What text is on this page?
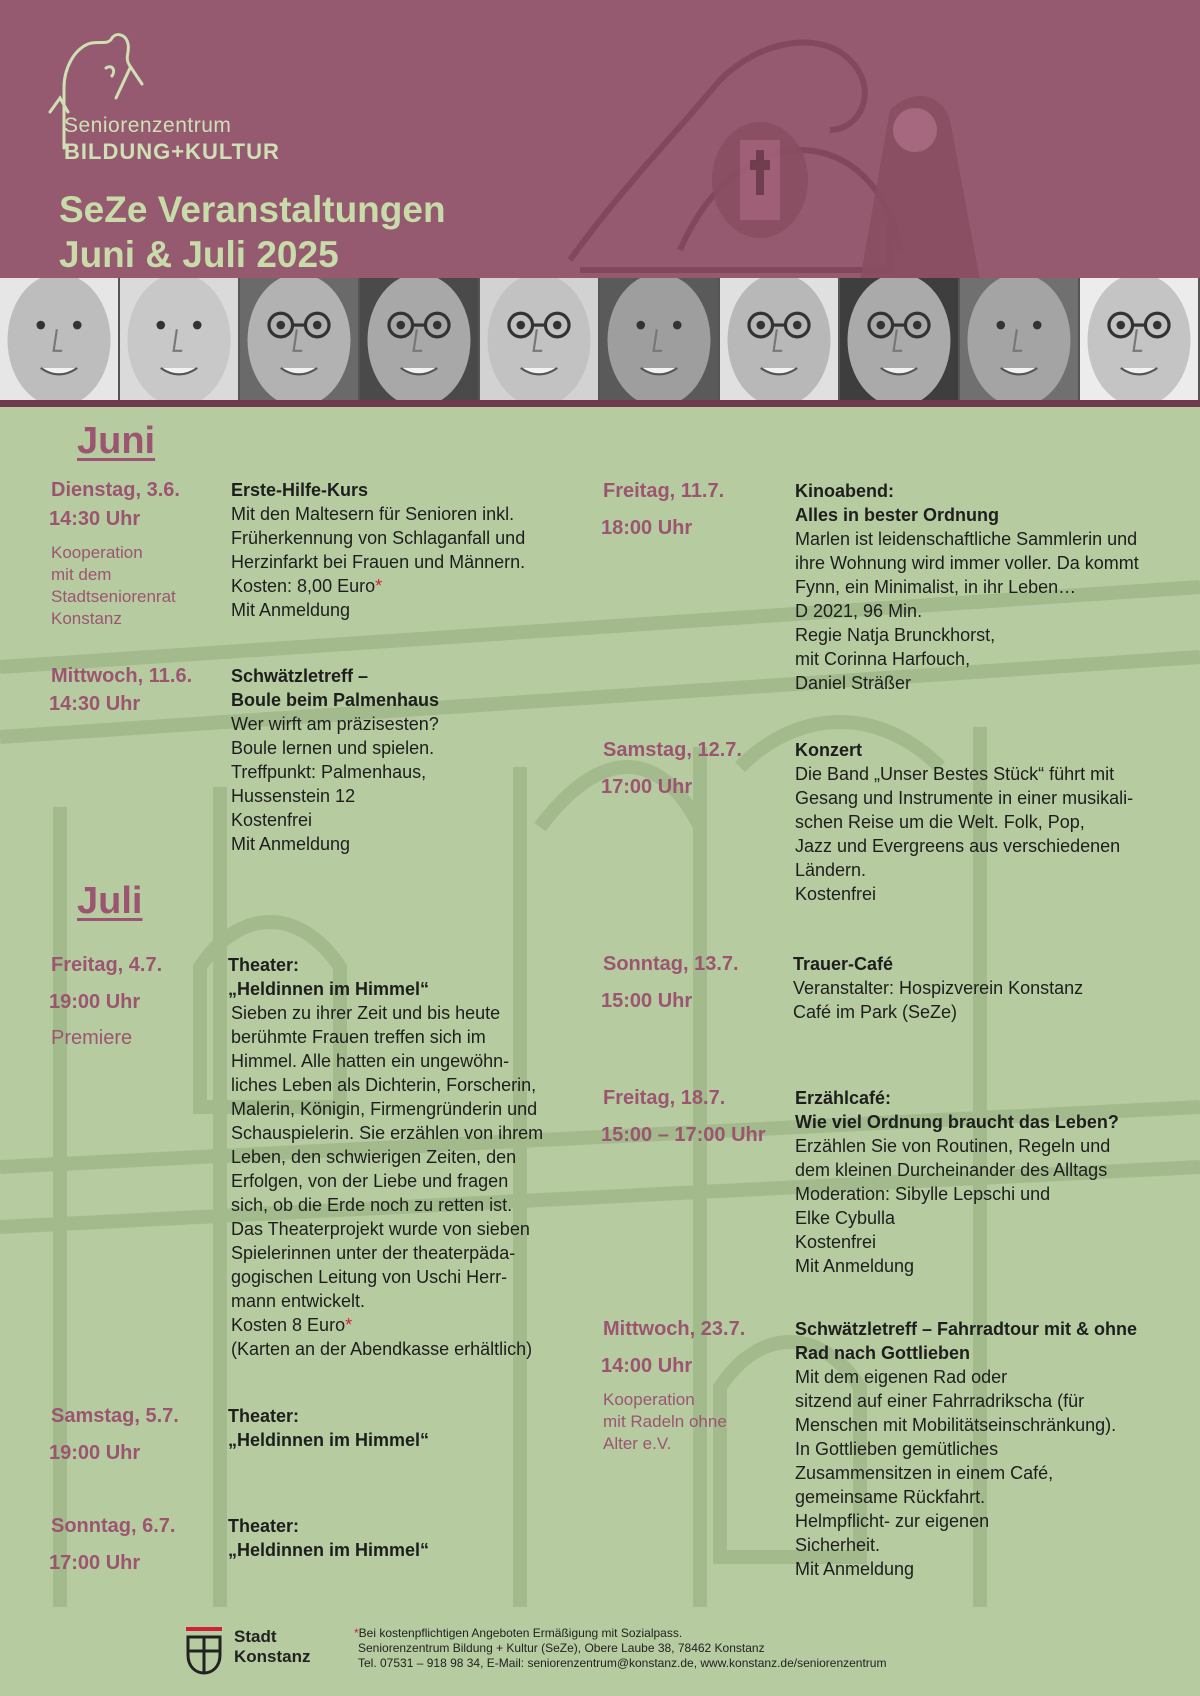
Seniorenzentrum
BILDUNG+KULTUR
SeZe Veranstaltungen
Juni & Juli 2025
Juni
Juli
Dienstag, 3.6.
14:30 Uhr
Kooperation
mit dem
Stadtseniorenrat
Konstanz
Erste-Hilfe-Kurs
Mit den Maltesern für Senioren inkl.
Früherkennung von Schlaganfall und
Herzinfarkt bei Frauen und Männern.
Kosten: 8,00 Euro*
Mit Anmeldung
Mittwoch, 11.6.
14:30 Uhr
Schwätzletreff –
Boule beim Palmenhaus
Wer wirft am präzisesten?
Boule lernen und spielen.
Treffpunkt: Palmenhaus,
Hussenstein 12
Kostenfrei
Mit Anmeldung
Freitag, 4.7.
19:00 Uhr
Premiere
Theater:
„Heldinnen im Himmel“
Sieben zu ihrer Zeit und bis heute
berühmte Frauen treffen sich im
Himmel. Alle hatten ein ungewöhn-
liches Leben als Dichterin, Forscherin,
Malerin, Königin, Firmengründerin und
Schauspielerin. Sie erzählen von ihrem
Leben, den schwierigen Zeiten, den
Erfolgen, von der Liebe und fragen
sich, ob die Erde noch zu retten ist.
Das Theaterprojekt wurde von sieben
Spielerinnen unter der theaterpäda-
gogischen Leitung von Uschi Herr-
mann entwickelt.
Kosten 8 Euro*
(Karten an der Abendkasse erhältlich)
Samstag, 5.7.
19:00 Uhr
Theater:
„Heldinnen im Himmel“
Sonntag, 6.7.
17:00 Uhr
Theater:
„Heldinnen im Himmel“
Freitag, 11.7.
18:00 Uhr
Kinoabend:
Alles in bester Ordnung
Marlen ist leidenschaftliche Sammlerin und
ihre Wohnung wird immer voller. Da kommt
Fynn, ein Minimalist, in ihr Leben…
D 2021, 96 Min.
Regie Natja Brunckhorst,
mit Corinna Harfouch,
Daniel Sträßer
Samstag, 12.7.
17:00 Uhr
Konzert
Die Band „Unser Bestes Stück“ führt mit
Gesang und Instrumente in einer musikali-
schen Reise um die Welt. Folk, Pop,
Jazz und Evergreens aus verschiedenen
Ländern.
Kostenfrei
Sonntag, 13.7.
15:00 Uhr
Trauer-Café
Veranstalter: Hospizverein Konstanz
Café im Park (SeZe)
Freitag, 18.7.
15:00 – 17:00 Uhr
Erzählcafé:
Wie viel Ordnung braucht das Leben?
Erzählen Sie von Routinen, Regeln und
dem kleinen Durcheinander des Alltags
Moderation: Sibylle Lepschi und
Elke Cybulla
Kostenfrei
Mit Anmeldung
Mittwoch, 23.7.
14:00 Uhr
Kooperation
mit Radeln ohne
Alter e.V.
Schwätzletreff – Fahrradtour mit & ohne
Rad nach Gottlieben
Mit dem eigenen Rad oder
sitzend auf einer Fahrradrikscha (für
Menschen mit Mobilitätseinschränkung).
In Gottlieben gemütliches
Zusammensitzen in einem Café,
gemeinsame Rückfahrt.
Helmpflicht- zur eigenen
Sicherheit.
Mit Anmeldung
Stadt
Konstanz
*Bei kostenpflichtigen Angeboten Ermäßigung mit Sozialpass.
Seniorenzentrum Bildung + Kultur (SeZe), Obere Laube 38, 78462 Konstanz
Tel. 07531 – 918 98 34, E-Mail: seniorenzentrum@konstanz.de, www.konstanz.de/seniorenzentrum
